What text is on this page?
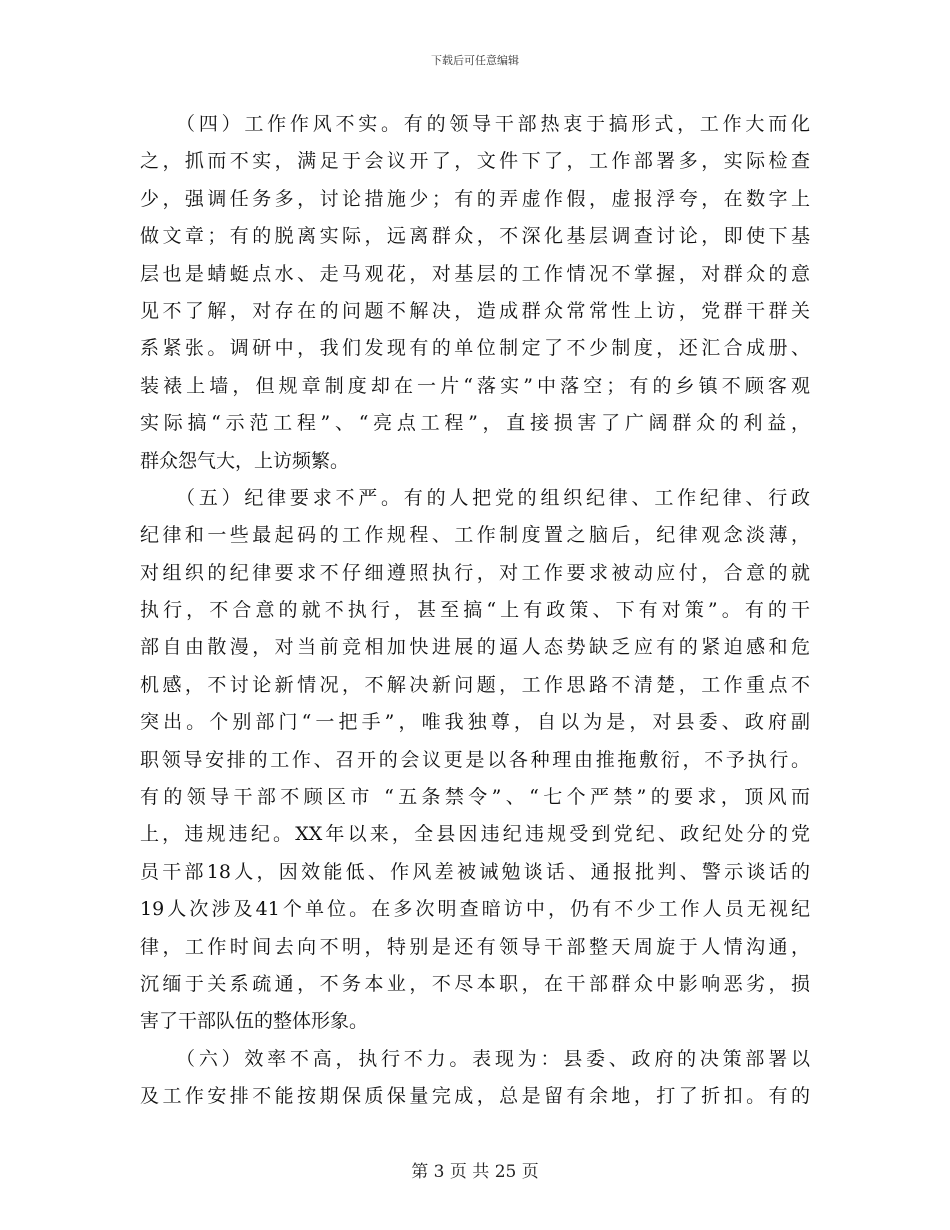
下载后可任意编辑
　　（四）工作作风不实。有的领导干部热衷于搞形式，工作大而化
之，抓而不实，满足于会议开了，文件下了，工作部署多，实际检查
少，强调任务多，讨论措施少；有的弄虚作假，虚报浮夸，在数字上
做文章；有的脱离实际，远离群众，不深化基层调查讨论，即使下基
层也是蜻蜓点水、走马观花，对基层的工作情况不掌握，对群众的意
见不了解，对存在的问题不解决，造成群众常常性上访，党群干群关
系紧张。调研中，我们发现有的单位制定了不少制度，还汇合成册、
装裱上墙，但规章制度却在一片“落实”中落空；有的乡镇不顾客观
实际搞“示范工程”、“亮点工程”，直接损害了广阔群众的利益，
群众怨气大，上访频繁。
　　（五）纪律要求不严。有的人把党的组织纪律、工作纪律、行政
纪律和一些最起码的工作规程、工作制度置之脑后，纪律观念淡薄，
对组织的纪律要求不仔细遵照执行，对工作要求被动应付，合意的就
执行，不合意的就不执行，甚至搞“上有政策、下有对策”。有的干
部自由散漫，对当前竞相加快进展的逼人态势缺乏应有的紧迫感和危
机感，不讨论新情况，不解决新问题，工作思路不清楚，工作重点不
突出。个别部门“一把手”，唯我独尊，自以为是，对县委、政府副
职领导安排的工作、召开的会议更是以各种理由推拖敷衍，不予执行。
有的领导干部不顾区市 “五条禁令”、“七个严禁”的要求，顶风而
上，违规违纪。XX年以来，全县因违纪违规受到党纪、政纪处分的党
员干部18人，因效能低、作风差被诫勉谈话、通报批判、警示谈话的
19人次涉及41个单位。在多次明查暗访中，仍有不少工作人员无视纪
律，工作时间去向不明，特别是还有领导干部整天周旋于人情沟通，
沉缅于关系疏通，不务本业，不尽本职，在干部群众中影响恶劣，损
害了干部队伍的整体形象。
　　（六）效率不高，执行不力。表现为：县委、政府的决策部署以
及工作安排不能按期保质保量完成，总是留有余地，打了折扣。有的
第 3 页 共 25 页
